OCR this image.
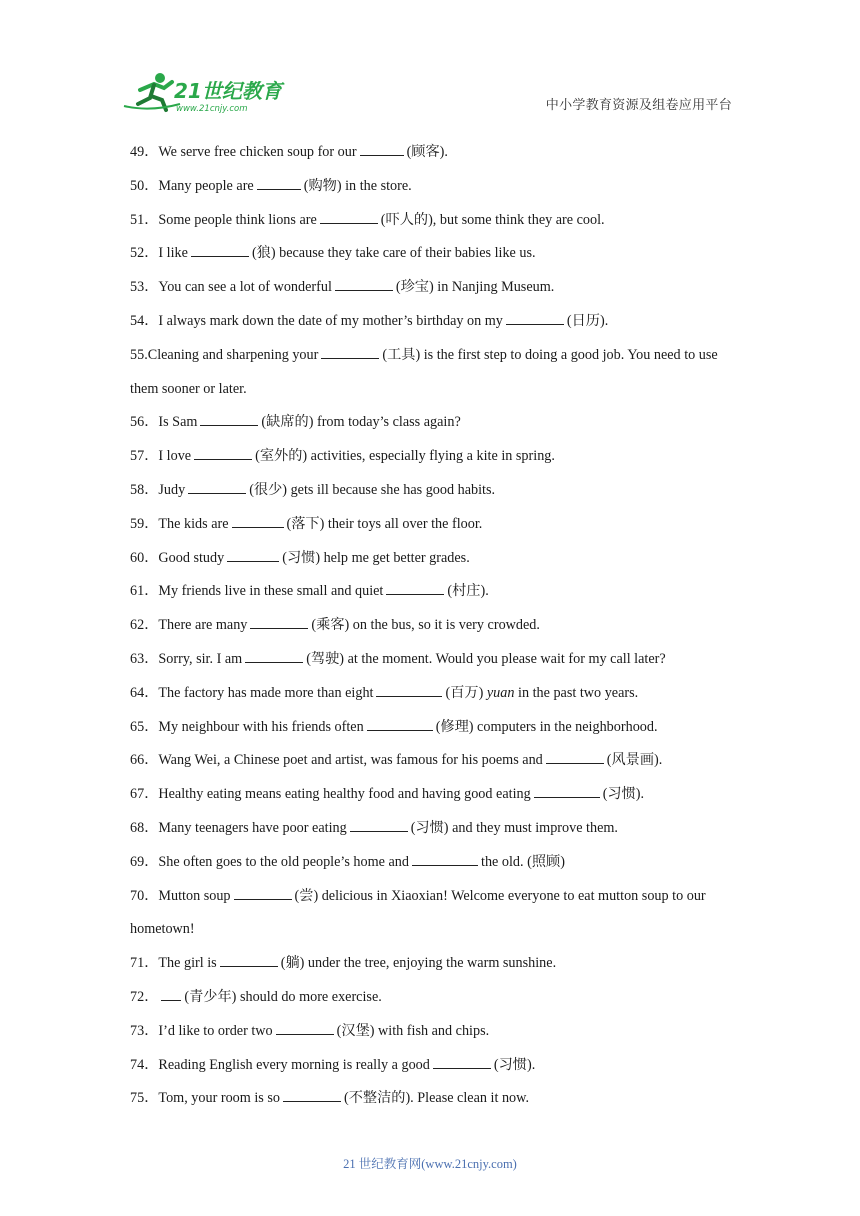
21世纪教育
www.21cnjy.com	中小学教育资源及组卷应用平台
49．We serve free chicken soup for our	(顾客).
50．Many people are	(购物) in the store.
51．Some people think lions are	(吓人的), but some think they are cool.
52．I like	(狼) because they take care of their babies like us.
53．You can see a lot of wonderful	(珍宝) in Nanjing Museum.
54．I always mark down the date of my mother’s birthday on my	(日历).
55.Cleaning and sharpening your	(工具) is the first step to doing a good job. You need to use them sooner or later.
56．Is Sam	(缺席的) from today’s class again?
57．I love	(室外的) activities, especially flying a kite in spring.
58．Judy	(很少) gets ill because she has good habits.
59．The kids are	(落下) their toys all over the floor.
60．Good study	(习惯) help me get better grades.
61．My friends live in these small and quiet	(村庄).
62．There are many	(乘客) on the bus, so it is very crowded.
63．Sorry, sir. I am	(驾驶) at the moment. Would you please wait for my call later?
64．The factory has made more than eight	(百万) yuan in the past two years.
65．My neighbour with his friends often	(修理) computers in the neighborhood.
66．Wang Wei, a Chinese poet and artist, was famous for his poems and	(风景画).
67．Healthy eating means eating healthy food and having good eating	(习惯).
68．Many teenagers have poor eating	(习惯) and they must improve them.
69．She often goes to the old people’s home and	the old. (照顾)
70．Mutton soup	(尝) delicious in Xiaoxian! Welcome everyone to eat mutton soup to our hometown!
71．The girl is	(躺) under the tree, enjoying the warm sunshine.
72． (青少年) should do more exercise.
73．I’d like to order two	(汉堡) with fish and chips.
74．Reading English every morning is really a good	(习惯).
75．Tom, your room is so	(不整洁的). Please clean it now.
21 世纪教育网(www.21cnjy.com)
